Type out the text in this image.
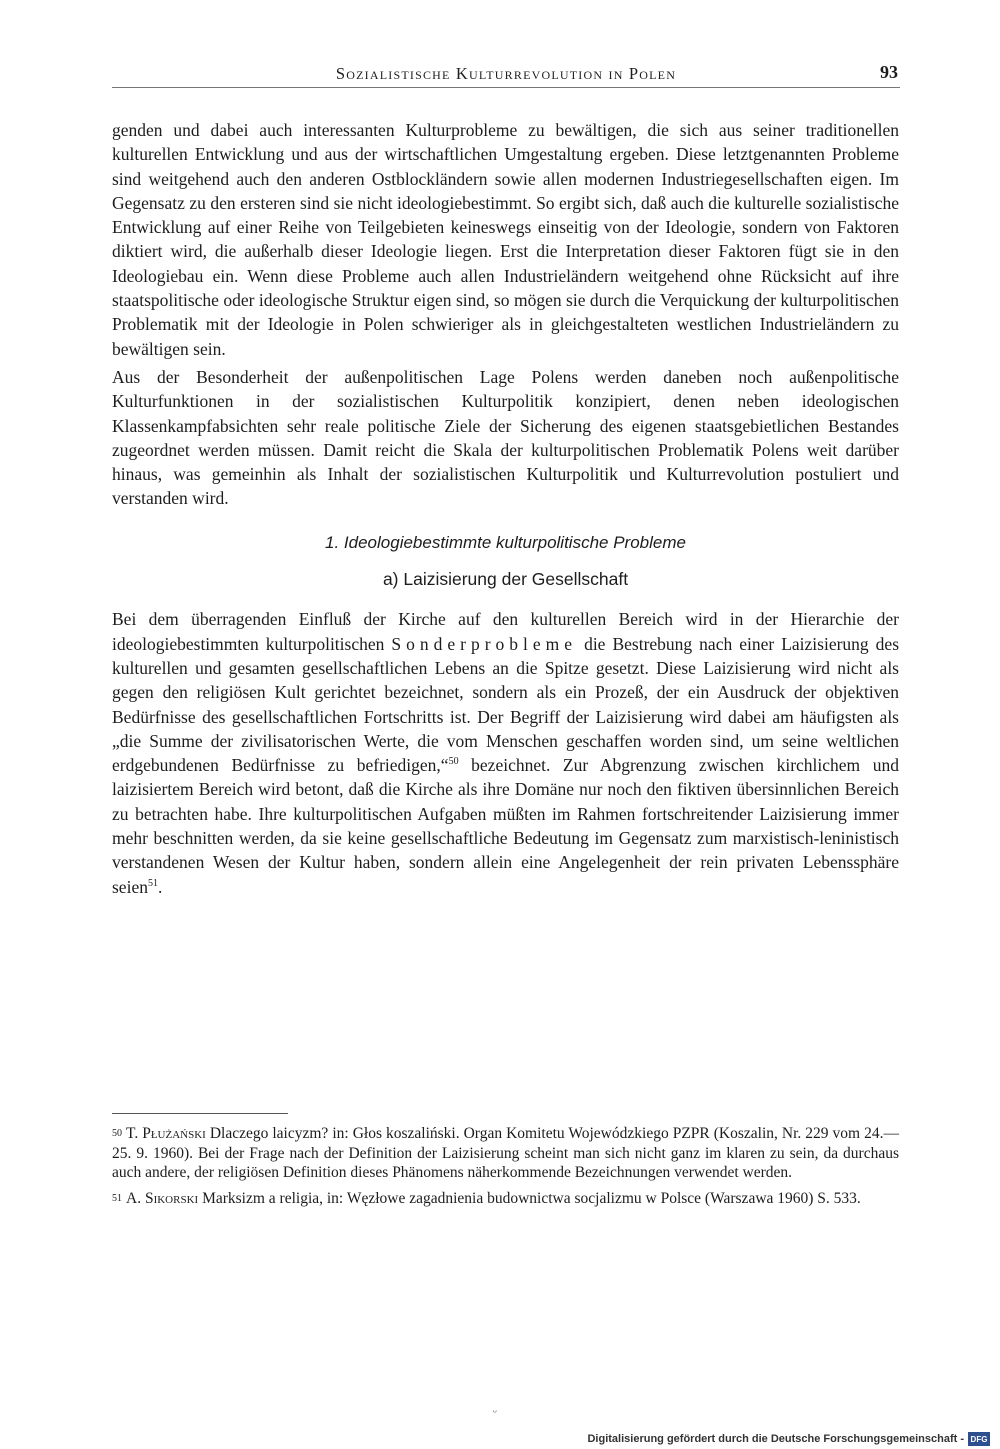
Sozialistische Kulturrevolution in Polen	93

genden und dabei auch interessanten Kulturprobleme zu bewältigen, die sich aus seiner traditionellen kulturellen Entwicklung und aus der wirtschaftlichen Umgestaltung ergeben. Diese letztgenannten Probleme sind weitgehend auch den anderen Ostblockländern sowie allen modernen Industriegesellschaften eigen. Im Gegensatz zu den ersteren sind sie nicht ideologiebestimmt. So ergibt sich, daß auch die kulturelle sozialistische Entwicklung auf einer Reihe von Teilgebieten keineswegs einseitig von der Ideologie, sondern von Faktoren diktiert wird, die außerhalb dieser Ideologie liegen. Erst die Interpretation dieser Faktoren fügt sie in den Ideologiebau ein. Wenn diese Probleme auch allen Industrieländern weitgehend ohne Rücksicht auf ihre staatspolitische oder ideologische Struktur eigen sind, so mögen sie durch die Verquickung der kulturpolitischen Problematik mit der Ideologie in Polen schwieriger als in gleichgestalteten westlichen Industrieländern zu bewältigen sein.

Aus der Besonderheit der außenpolitischen Lage Polens werden daneben noch außenpolitische Kulturfunktionen in der sozialistischen Kulturpolitik konzipiert, denen neben ideologischen Klassenkampfabsichten sehr reale politische Ziele der Sicherung des eigenen staatsgebietlichen Bestandes zugeordnet werden müssen. Damit reicht die Skala der kulturpolitischen Problematik Polens weit darüber hinaus, was gemeinhin als Inhalt der sozialistischen Kulturpolitik und Kulturrevolution postuliert und verstanden wird.

1. Ideologiebestimmte kulturpolitische Probleme

a) Laizisierung der Gesellschaft

Bei dem überragenden Einfluß der Kirche auf den kulturellen Bereich wird in der Hierarchie der ideologiebestimmten kulturpolitischen Sonderprobleme die Bestrebung nach einer Laizisierung des kulturellen und gesamten gesellschaftlichen Lebens an die Spitze gesetzt. Diese Laizisierung wird nicht als gegen den religiösen Kult gerichtet bezeichnet, sondern als ein Prozeß, der ein Ausdruck der objektiven Bedürfnisse des gesellschaftlichen Fortschritts ist. Der Begriff der Laizisierung wird dabei am häufigsten als „die Summe der zivilisatorischen Werte, die vom Menschen geschaffen worden sind, um seine weltlichen erdgebundenen Bedürfnisse zu befriedigen,“$^{50}$ bezeichnet. Zur Abgrenzung zwischen kirchlichem und laizisiertem Bereich wird betont, daß die Kirche als ihre Domäne nur noch den fiktiven übersinnlichen Bereich zu betrachten habe. Ihre kulturpolitischen Aufgaben müßten im Rahmen fortschreitender Laizisierung immer mehr beschnitten werden, da sie keine gesellschaftliche Bedeutung im Gegensatz zum marxistisch-leninistisch verstandenen Wesen der Kultur haben, sondern allein eine Angelegenheit der rein privaten Lebenssphäre seien$^{51}$.

$^{50}$ T. Płużański Dlaczego laicyzm? in: Głos koszaliński. Organ Komitetu Wojewódzkiego PZPR (Koszalin, Nr. 229 vom 24.—25. 9. 1960). Bei der Frage nach der Definition der Laizisierung scheint man sich nicht ganz im klaren zu sein, da durchaus auch andere, der religiösen Definition dieses Phänomens näherkommende Bezeichnungen verwendet werden.

$^{51}$ A. Sikorski Marksizm a religia, in: Węzłowe zagadnienia budownictwa socjalizmu w Polsce (Warszawa 1960) S. 533.

ᵕ
Digitalisierung gefördert durch die Deutsche Forschungsgemeinschaft - DFG
